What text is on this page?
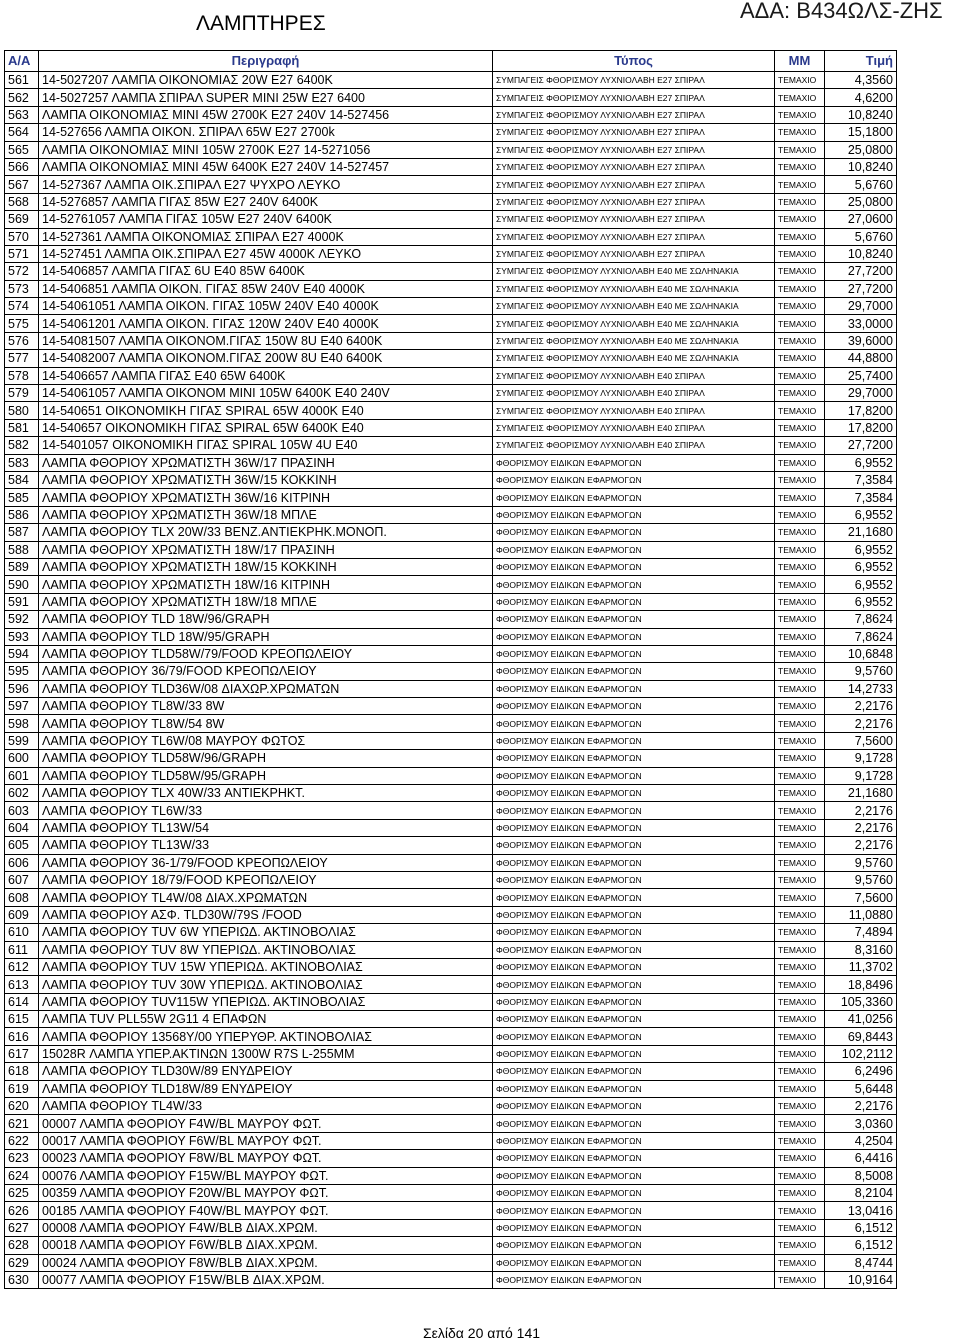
ΛΑΜΠΤΗΡΕΣ
ΑΔΑ: Β434ΩΛΣ-ΖΗΣ
Α/Α	Περιγραφή	Τύπος	ΜΜ	Τιμή
561	14-5027207 ΛΑΜΠΑ ΟΙΚΟΝΟΜΙΑΣ 20W E27 6400K	ΣΥΜΠΑΓΕΙΣ ΦΘΟΡΙΣΜΟΥ ΛΥΧΝΙΟΛΑΒΗ Ε27 ΣΠΙΡΑΛ	ΤΕΜΑΧΙΟ	4,3560
562	14-5027257 ΛΑΜΠΑ ΣΠΙΡΑΛ SUPER MINI 25W E27 6400	ΣΥΜΠΑΓΕΙΣ ΦΘΟΡΙΣΜΟΥ ΛΥΧΝΙΟΛΑΒΗ Ε27 ΣΠΙΡΑΛ	ΤΕΜΑΧΙΟ	4,6200
563	ΛΑΜΠΑ ΟΙΚΟΝΟΜΙΑΣ MINI 45W 2700K E27 240V 14-527456	ΣΥΜΠΑΓΕΙΣ ΦΘΟΡΙΣΜΟΥ ΛΥΧΝΙΟΛΑΒΗ Ε27 ΣΠΙΡΑΛ	ΤΕΜΑΧΙΟ	10,8240
564	14-527656 ΛΑΜΠΑ ΟΙΚΟΝ. ΣΠΙΡΑΛ 65W E27 2700k	ΣΥΜΠΑΓΕΙΣ ΦΘΟΡΙΣΜΟΥ ΛΥΧΝΙΟΛΑΒΗ Ε27 ΣΠΙΡΑΛ	ΤΕΜΑΧΙΟ	15,1800
565	ΛΑΜΠΑ ΟΙΚΟΝΟΜΙΑΣ MINI 105W 2700K E27 14-5271056	ΣΥΜΠΑΓΕΙΣ ΦΘΟΡΙΣΜΟΥ ΛΥΧΝΙΟΛΑΒΗ Ε27 ΣΠΙΡΑΛ	ΤΕΜΑΧΙΟ	25,0800
566	ΛΑΜΠΑ ΟΙΚΟΝΟΜΙΑΣ MINI 45W 6400K E27 240V 14-527457	ΣΥΜΠΑΓΕΙΣ ΦΘΟΡΙΣΜΟΥ ΛΥΧΝΙΟΛΑΒΗ Ε27 ΣΠΙΡΑΛ	ΤΕΜΑΧΙΟ	10,8240
567	14-527367 ΛΑΜΠΑ ΟΙΚ.ΣΠΙΡΑΛ Ε27 ΨΥΧΡΟ ΛΕΥΚΟ	ΣΥΜΠΑΓΕΙΣ ΦΘΟΡΙΣΜΟΥ ΛΥΧΝΙΟΛΑΒΗ Ε27 ΣΠΙΡΑΛ	ΤΕΜΑΧΙΟ	5,6760
568	14-5276857 ΛΑΜΠΑ ΓΙΓΑΣ 85W E27 240V 6400K	ΣΥΜΠΑΓΕΙΣ ΦΘΟΡΙΣΜΟΥ ΛΥΧΝΙΟΛΑΒΗ Ε27 ΣΠΙΡΑΛ	ΤΕΜΑΧΙΟ	25,0800
569	14-52761057 ΛΑΜΠΑ ΓΙΓΑΣ 105W E27 240V 6400K	ΣΥΜΠΑΓΕΙΣ ΦΘΟΡΙΣΜΟΥ ΛΥΧΝΙΟΛΑΒΗ Ε27 ΣΠΙΡΑΛ	ΤΕΜΑΧΙΟ	27,0600
570	14-527361 ΛΑΜΠΑ ΟΙΚΟΝΟΜΙΑΣ ΣΠΙΡΑΛ E27 4000K	ΣΥΜΠΑΓΕΙΣ ΦΘΟΡΙΣΜΟΥ ΛΥΧΝΙΟΛΑΒΗ Ε27 ΣΠΙΡΑΛ	ΤΕΜΑΧΙΟ	5,6760
571	14-527451 ΛΑΜΠΑ ΟΙΚ.ΣΠΙΡΑΛ Ε27 45W 4000K ΛΕΥΚΟ	ΣΥΜΠΑΓΕΙΣ ΦΘΟΡΙΣΜΟΥ ΛΥΧΝΙΟΛΑΒΗ Ε27 ΣΠΙΡΑΛ	ΤΕΜΑΧΙΟ	10,8240
572	14-5406857 ΛΑΜΠΑ ΓΙΓΑΣ 6U E40 85W 6400K	ΣΥΜΠΑΓΕΙΣ ΦΘΟΡΙΣΜΟΥ ΛΥΧΝΙΟΛΑΒΗ Ε40 ΜΕ ΣΩΛΗΝΑΚΙΑ	ΤΕΜΑΧΙΟ	27,7200
573	14-5406851 ΛΑΜΠΑ ΟΙΚΟΝ. ΓΙΓΑΣ 85W 240V E40 4000K	ΣΥΜΠΑΓΕΙΣ ΦΘΟΡΙΣΜΟΥ ΛΥΧΝΙΟΛΑΒΗ Ε40 ΜΕ ΣΩΛΗΝΑΚΙΑ	ΤΕΜΑΧΙΟ	27,7200
574	14-54061051 ΛΑΜΠΑ ΟΙΚΟΝ. ΓΙΓΑΣ 105W 240V E40 4000K	ΣΥΜΠΑΓΕΙΣ ΦΘΟΡΙΣΜΟΥ ΛΥΧΝΙΟΛΑΒΗ Ε40 ΜΕ ΣΩΛΗΝΑΚΙΑ	ΤΕΜΑΧΙΟ	29,7000
575	14-54061201 ΛΑΜΠΑ ΟΙΚΟΝ. ΓΙΓΑΣ 120W 240V E40 4000K	ΣΥΜΠΑΓΕΙΣ ΦΘΟΡΙΣΜΟΥ ΛΥΧΝΙΟΛΑΒΗ Ε40 ΜΕ ΣΩΛΗΝΑΚΙΑ	ΤΕΜΑΧΙΟ	33,0000
576	14-54081507 ΛΑΜΠΑ ΟΙΚΟΝΟΜ.ΓΙΓΑΣ 150W 8U E40 6400K	ΣΥΜΠΑΓΕΙΣ ΦΘΟΡΙΣΜΟΥ ΛΥΧΝΙΟΛΑΒΗ Ε40 ΜΕ ΣΩΛΗΝΑΚΙΑ	ΤΕΜΑΧΙΟ	39,6000
577	14-54082007 ΛΑΜΠΑ ΟΙΚΟΝΟΜ.ΓΙΓΑΣ 200W 8U E40 6400K	ΣΥΜΠΑΓΕΙΣ ΦΘΟΡΙΣΜΟΥ ΛΥΧΝΙΟΛΑΒΗ Ε40 ΜΕ ΣΩΛΗΝΑΚΙΑ	ΤΕΜΑΧΙΟ	44,8800
578	14-5406657 ΛΑΜΠΑ ΓΙΓΑΣ E40 65W 6400K	ΣΥΜΠΑΓΕΙΣ ΦΘΟΡΙΣΜΟΥ ΛΥΧΝΙΟΛΑΒΗ Ε40 ΣΠΙΡΑΛ	ΤΕΜΑΧΙΟ	25,7400
579	14-54061057 ΛΑΜΠΑ ΟΙΚΟΝΟΜ MINI 105W 6400K E40 240V	ΣΥΜΠΑΓΕΙΣ ΦΘΟΡΙΣΜΟΥ ΛΥΧΝΙΟΛΑΒΗ Ε40 ΣΠΙΡΑΛ	ΤΕΜΑΧΙΟ	29,7000
580	14-540651 ΟΙΚΟΝΟΜΙΚΗ ΓΙΓΑΣ SPIRAL 65W 4000K E40	ΣΥΜΠΑΓΕΙΣ ΦΘΟΡΙΣΜΟΥ ΛΥΧΝΙΟΛΑΒΗ Ε40 ΣΠΙΡΑΛ	ΤΕΜΑΧΙΟ	17,8200
581	14-540657 ΟΙΚΟΝΟΜΙΚΗ ΓΙΓΑΣ SPIRAL 65W 6400K E40	ΣΥΜΠΑΓΕΙΣ ΦΘΟΡΙΣΜΟΥ ΛΥΧΝΙΟΛΑΒΗ Ε40 ΣΠΙΡΑΛ	ΤΕΜΑΧΙΟ	17,8200
582	14-5401057 ΟΙΚΟΝΟΜΙΚΗ ΓΙΓΑΣ SPIRAL 105W 4U E40	ΣΥΜΠΑΓΕΙΣ ΦΘΟΡΙΣΜΟΥ ΛΥΧΝΙΟΛΑΒΗ Ε40 ΣΠΙΡΑΛ	ΤΕΜΑΧΙΟ	27,7200
583	ΛΑΜΠΑ ΦΘΟΡΙΟΥ ΧΡΩΜΑΤΙΣΤΗ 36W/17 ΠΡΑΣΙΝΗ	ΦΘΟΡΙΣΜΟΥ ΕΙΔΙΚΩΝ ΕΦΑΡΜΟΓΩΝ	ΤΕΜΑΧΙΟ	6,9552
584	ΛΑΜΠΑ ΦΘΟΡΙΟΥ ΧΡΩΜΑΤΙΣΤΗ 36W/15 ΚΟΚΚΙΝΗ	ΦΘΟΡΙΣΜΟΥ ΕΙΔΙΚΩΝ ΕΦΑΡΜΟΓΩΝ	ΤΕΜΑΧΙΟ	7,3584
585	ΛΑΜΠΑ ΦΘΟΡΙΟΥ ΧΡΩΜΑΤΙΣΤΗ 36W/16 ΚΙΤΡΙΝΗ	ΦΘΟΡΙΣΜΟΥ ΕΙΔΙΚΩΝ ΕΦΑΡΜΟΓΩΝ	ΤΕΜΑΧΙΟ	7,3584
586	ΛΑΜΠΑ ΦΘΟΡΙΟΥ ΧΡΩΜΑΤΙΣΤΗ 36W/18 ΜΠΛΕ	ΦΘΟΡΙΣΜΟΥ ΕΙΔΙΚΩΝ ΕΦΑΡΜΟΓΩΝ	ΤΕΜΑΧΙΟ	6,9552
587	ΛΑΜΠΑ ΦΘΟΡΙΟΥ TLX 20W/33 BENZ.ΑΝΤΙΕΚΡΗΚ.ΜΟΝΟΠ.	ΦΘΟΡΙΣΜΟΥ ΕΙΔΙΚΩΝ ΕΦΑΡΜΟΓΩΝ	ΤΕΜΑΧΙΟ	21,1680
588	ΛΑΜΠΑ ΦΘΟΡΙΟΥ ΧΡΩΜΑΤΙΣΤΗ 18W/17 ΠΡΑΣΙΝΗ	ΦΘΟΡΙΣΜΟΥ ΕΙΔΙΚΩΝ ΕΦΑΡΜΟΓΩΝ	ΤΕΜΑΧΙΟ	6,9552
589	ΛΑΜΠΑ ΦΘΟΡΙΟΥ ΧΡΩΜΑΤΙΣΤΗ 18W/15 ΚΟΚΚΙΝΗ	ΦΘΟΡΙΣΜΟΥ ΕΙΔΙΚΩΝ ΕΦΑΡΜΟΓΩΝ	ΤΕΜΑΧΙΟ	6,9552
590	ΛΑΜΠΑ ΦΘΟΡΙΟΥ ΧΡΩΜΑΤΙΣΤΗ 18W/16 ΚΙΤΡΙΝΗ	ΦΘΟΡΙΣΜΟΥ ΕΙΔΙΚΩΝ ΕΦΑΡΜΟΓΩΝ	ΤΕΜΑΧΙΟ	6,9552
591	ΛΑΜΠΑ ΦΘΟΡΙΟΥ ΧΡΩΜΑΤΙΣΤΗ 18W/18 ΜΠΛΕ	ΦΘΟΡΙΣΜΟΥ ΕΙΔΙΚΩΝ ΕΦΑΡΜΟΓΩΝ	ΤΕΜΑΧΙΟ	6,9552
592	ΛΑΜΠΑ ΦΘΟΡΙΟΥ TLD 18W/96/GRAPH	ΦΘΟΡΙΣΜΟΥ ΕΙΔΙΚΩΝ ΕΦΑΡΜΟΓΩΝ	ΤΕΜΑΧΙΟ	7,8624
593	ΛΑΜΠΑ ΦΘΟΡΙΟΥ TLD 18W/95/GRAPH	ΦΘΟΡΙΣΜΟΥ ΕΙΔΙΚΩΝ ΕΦΑΡΜΟΓΩΝ	ΤΕΜΑΧΙΟ	7,8624
594	ΛΑΜΠΑ ΦΘΟΡΙΟΥ TLD58W/79/FOOD ΚΡΕΟΠΩΛΕΙΟΥ	ΦΘΟΡΙΣΜΟΥ ΕΙΔΙΚΩΝ ΕΦΑΡΜΟΓΩΝ	ΤΕΜΑΧΙΟ	10,6848
595	ΛΑΜΠΑ ΦΘΟΡΙΟΥ 36/79/FOOD ΚΡΕΟΠΩΛΕΙΟΥ	ΦΘΟΡΙΣΜΟΥ ΕΙΔΙΚΩΝ ΕΦΑΡΜΟΓΩΝ	ΤΕΜΑΧΙΟ	9,5760
596	ΛΑΜΠΑ ΦΘΟΡΙΟΥ TLD36W/08 ΔΙΑΧΩΡ.ΧΡΩΜΑΤΩΝ	ΦΘΟΡΙΣΜΟΥ ΕΙΔΙΚΩΝ ΕΦΑΡΜΟΓΩΝ	ΤΕΜΑΧΙΟ	14,2733
597	ΛΑΜΠΑ ΦΘΟΡΙΟΥ TL8W/33 8W	ΦΘΟΡΙΣΜΟΥ ΕΙΔΙΚΩΝ ΕΦΑΡΜΟΓΩΝ	ΤΕΜΑΧΙΟ	2,2176
598	ΛΑΜΠΑ ΦΘΟΡΙΟΥ TL8W/54 8W	ΦΘΟΡΙΣΜΟΥ ΕΙΔΙΚΩΝ ΕΦΑΡΜΟΓΩΝ	ΤΕΜΑΧΙΟ	2,2176
599	ΛΑΜΠΑ ΦΘΟΡΙΟΥ TL6W/08 ΜΑΥΡΟΥ ΦΩΤΟΣ	ΦΘΟΡΙΣΜΟΥ ΕΙΔΙΚΩΝ ΕΦΑΡΜΟΓΩΝ	ΤΕΜΑΧΙΟ	7,5600
600	ΛΑΜΠΑ ΦΘΟΡΙΟΥ TLD58W/96/GRAPH	ΦΘΟΡΙΣΜΟΥ ΕΙΔΙΚΩΝ ΕΦΑΡΜΟΓΩΝ	ΤΕΜΑΧΙΟ	9,1728
601	ΛΑΜΠΑ ΦΘΟΡΙΟΥ TLD58W/95/GRAPH	ΦΘΟΡΙΣΜΟΥ ΕΙΔΙΚΩΝ ΕΦΑΡΜΟΓΩΝ	ΤΕΜΑΧΙΟ	9,1728
602	ΛΑΜΠΑ ΦΘΟΡΙΟΥ TLX 40W/33 ΑΝΤΙΕΚΡΗΚΤ.	ΦΘΟΡΙΣΜΟΥ ΕΙΔΙΚΩΝ ΕΦΑΡΜΟΓΩΝ	ΤΕΜΑΧΙΟ	21,1680
603	ΛΑΜΠΑ ΦΘΟΡΙΟΥ TL6W/33	ΦΘΟΡΙΣΜΟΥ ΕΙΔΙΚΩΝ ΕΦΑΡΜΟΓΩΝ	ΤΕΜΑΧΙΟ	2,2176
604	ΛΑΜΠΑ ΦΘΟΡΙΟΥ TL13W/54	ΦΘΟΡΙΣΜΟΥ ΕΙΔΙΚΩΝ ΕΦΑΡΜΟΓΩΝ	ΤΕΜΑΧΙΟ	2,2176
605	ΛΑΜΠΑ ΦΘΟΡΙΟΥ TL13W/33	ΦΘΟΡΙΣΜΟΥ ΕΙΔΙΚΩΝ ΕΦΑΡΜΟΓΩΝ	ΤΕΜΑΧΙΟ	2,2176
606	ΛΑΜΠΑ ΦΘΟΡΙΟΥ 36-1/79/FOOD ΚΡΕΟΠΩΛΕΙΟΥ	ΦΘΟΡΙΣΜΟΥ ΕΙΔΙΚΩΝ ΕΦΑΡΜΟΓΩΝ	ΤΕΜΑΧΙΟ	9,5760
607	ΛΑΜΠΑ ΦΘΟΡΙΟΥ 18/79/FOOD ΚΡΕΟΠΩΛΕΙΟΥ	ΦΘΟΡΙΣΜΟΥ ΕΙΔΙΚΩΝ ΕΦΑΡΜΟΓΩΝ	ΤΕΜΑΧΙΟ	9,5760
608	ΛΑΜΠΑ ΦΘΟΡΙΟΥ TL4W/08 ΔΙΑΧ.ΧΡΩΜΑΤΩΝ	ΦΘΟΡΙΣΜΟΥ ΕΙΔΙΚΩΝ ΕΦΑΡΜΟΓΩΝ	ΤΕΜΑΧΙΟ	7,5600
609	ΛΑΜΠΑ ΦΘΟΡΙΟΥ ΑΣΦ. TLD30W/79S /FOOD	ΦΘΟΡΙΣΜΟΥ ΕΙΔΙΚΩΝ ΕΦΑΡΜΟΓΩΝ	ΤΕΜΑΧΙΟ	11,0880
610	ΛΑΜΠΑ ΦΘΟΡΙΟΥ TUV 6W ΥΠΕΡΙΩΔ. ΑΚΤΙΝΟΒΟΛΙΑΣ	ΦΘΟΡΙΣΜΟΥ ΕΙΔΙΚΩΝ ΕΦΑΡΜΟΓΩΝ	ΤΕΜΑΧΙΟ	7,4894
611	ΛΑΜΠΑ ΦΘΟΡΙΟΥ TUV 8W ΥΠΕΡΙΩΔ. ΑΚΤΙΝΟΒΟΛΙΑΣ	ΦΘΟΡΙΣΜΟΥ ΕΙΔΙΚΩΝ ΕΦΑΡΜΟΓΩΝ	ΤΕΜΑΧΙΟ	8,3160
612	ΛΑΜΠΑ ΦΘΟΡΙΟΥ TUV 15W ΥΠΕΡΙΩΔ. ΑΚΤΙΝΟΒΟΛΙΑΣ	ΦΘΟΡΙΣΜΟΥ ΕΙΔΙΚΩΝ ΕΦΑΡΜΟΓΩΝ	ΤΕΜΑΧΙΟ	11,3702
613	ΛΑΜΠΑ ΦΘΟΡΙΟΥ TUV 30W ΥΠΕΡΙΩΔ. ΑΚΤΙΝΟΒΟΛΙΑΣ	ΦΘΟΡΙΣΜΟΥ ΕΙΔΙΚΩΝ ΕΦΑΡΜΟΓΩΝ	ΤΕΜΑΧΙΟ	18,8496
614	ΛΑΜΠΑ ΦΘΟΡΙΟΥ TUV115W ΥΠΕΡΙΩΔ. ΑΚΤΙΝΟΒΟΛΙΑΣ	ΦΘΟΡΙΣΜΟΥ ΕΙΔΙΚΩΝ ΕΦΑΡΜΟΓΩΝ	ΤΕΜΑΧΙΟ	105,3360
615	ΛΑΜΠΑ TUV PLL55W 2G11 4 ΕΠΑΦΩΝ	ΦΘΟΡΙΣΜΟΥ ΕΙΔΙΚΩΝ ΕΦΑΡΜΟΓΩΝ	ΤΕΜΑΧΙΟ	41,0256
616	ΛΑΜΠΑ ΦΘΟΡΙΟΥ 13568Y/00 ΥΠΕΡΥΘΡ. ΑΚΤΙΝΟΒΟΛΙΑΣ	ΦΘΟΡΙΣΜΟΥ ΕΙΔΙΚΩΝ ΕΦΑΡΜΟΓΩΝ	ΤΕΜΑΧΙΟ	69,8443
617	15028R ΛΑΜΠΑ ΥΠΕΡ.ΑΚΤΙΝΩΝ 1300W R7S L-255MM	ΦΘΟΡΙΣΜΟΥ ΕΙΔΙΚΩΝ ΕΦΑΡΜΟΓΩΝ	ΤΕΜΑΧΙΟ	102,2112
618	ΛΑΜΠΑ ΦΘΟΡΙΟΥ TLD30W/89 ΕΝΥΔΡΕΙΟΥ	ΦΘΟΡΙΣΜΟΥ ΕΙΔΙΚΩΝ ΕΦΑΡΜΟΓΩΝ	ΤΕΜΑΧΙΟ	6,2496
619	ΛΑΜΠΑ ΦΘΟΡΙΟΥ TLD18W/89 ΕΝΥΔΡΕΙΟΥ	ΦΘΟΡΙΣΜΟΥ ΕΙΔΙΚΩΝ ΕΦΑΡΜΟΓΩΝ	ΤΕΜΑΧΙΟ	5,6448
620	ΛΑΜΠΑ ΦΘΟΡΙΟΥ TL4W/33	ΦΘΟΡΙΣΜΟΥ ΕΙΔΙΚΩΝ ΕΦΑΡΜΟΓΩΝ	ΤΕΜΑΧΙΟ	2,2176
621	00007 ΛΑΜΠΑ ΦΘΟΡΙΟΥ F4W/BL ΜΑΥΡΟΥ ΦΩΤ.	ΦΘΟΡΙΣΜΟΥ ΕΙΔΙΚΩΝ ΕΦΑΡΜΟΓΩΝ	ΤΕΜΑΧΙΟ	3,0360
622	00017 ΛΑΜΠΑ ΦΘΟΡΙΟΥ F6W/BL ΜΑΥΡΟΥ ΦΩΤ.	ΦΘΟΡΙΣΜΟΥ ΕΙΔΙΚΩΝ ΕΦΑΡΜΟΓΩΝ	ΤΕΜΑΧΙΟ	4,2504
623	00023 ΛΑΜΠΑ ΦΘΟΡΙΟΥ F8W/BL ΜΑΥΡΟΥ ΦΩΤ.	ΦΘΟΡΙΣΜΟΥ ΕΙΔΙΚΩΝ ΕΦΑΡΜΟΓΩΝ	ΤΕΜΑΧΙΟ	6,4416
624	00076 ΛΑΜΠΑ ΦΘΟΡΙΟΥ F15W/BL ΜΑΥΡΟΥ ΦΩΤ.	ΦΘΟΡΙΣΜΟΥ ΕΙΔΙΚΩΝ ΕΦΑΡΜΟΓΩΝ	ΤΕΜΑΧΙΟ	8,5008
625	00359 ΛΑΜΠΑ ΦΘΟΡΙΟΥ F20W/BL ΜΑΥΡΟΥ ΦΩΤ.	ΦΘΟΡΙΣΜΟΥ ΕΙΔΙΚΩΝ ΕΦΑΡΜΟΓΩΝ	ΤΕΜΑΧΙΟ	8,2104
626	00185 ΛΑΜΠΑ ΦΘΟΡΙΟΥ F40W/BL ΜΑΥΡΟΥ ΦΩΤ.	ΦΘΟΡΙΣΜΟΥ ΕΙΔΙΚΩΝ ΕΦΑΡΜΟΓΩΝ	ΤΕΜΑΧΙΟ	13,0416
627	00008 ΛΑΜΠΑ ΦΘΟΡΙΟΥ F4W/BLB ΔΙΑΧ.ΧΡΩΜ.	ΦΘΟΡΙΣΜΟΥ ΕΙΔΙΚΩΝ ΕΦΑΡΜΟΓΩΝ	ΤΕΜΑΧΙΟ	6,1512
628	00018 ΛΑΜΠΑ ΦΘΟΡΙΟΥ F6W/BLB ΔΙΑΧ.ΧΡΩΜ.	ΦΘΟΡΙΣΜΟΥ ΕΙΔΙΚΩΝ ΕΦΑΡΜΟΓΩΝ	ΤΕΜΑΧΙΟ	6,1512
629	00024 ΛΑΜΠΑ ΦΘΟΡΙΟΥ F8W/BLB ΔΙΑΧ.ΧΡΩΜ.	ΦΘΟΡΙΣΜΟΥ ΕΙΔΙΚΩΝ ΕΦΑΡΜΟΓΩΝ	ΤΕΜΑΧΙΟ	8,4744
630	00077 ΛΑΜΠΑ ΦΘΟΡΙΟΥ F15W/BLB ΔΙΑΧ.ΧΡΩΜ.	ΦΘΟΡΙΣΜΟΥ ΕΙΔΙΚΩΝ ΕΦΑΡΜΟΓΩΝ	ΤΕΜΑΧΙΟ	10,9164
Σελίδα 20 από 141
